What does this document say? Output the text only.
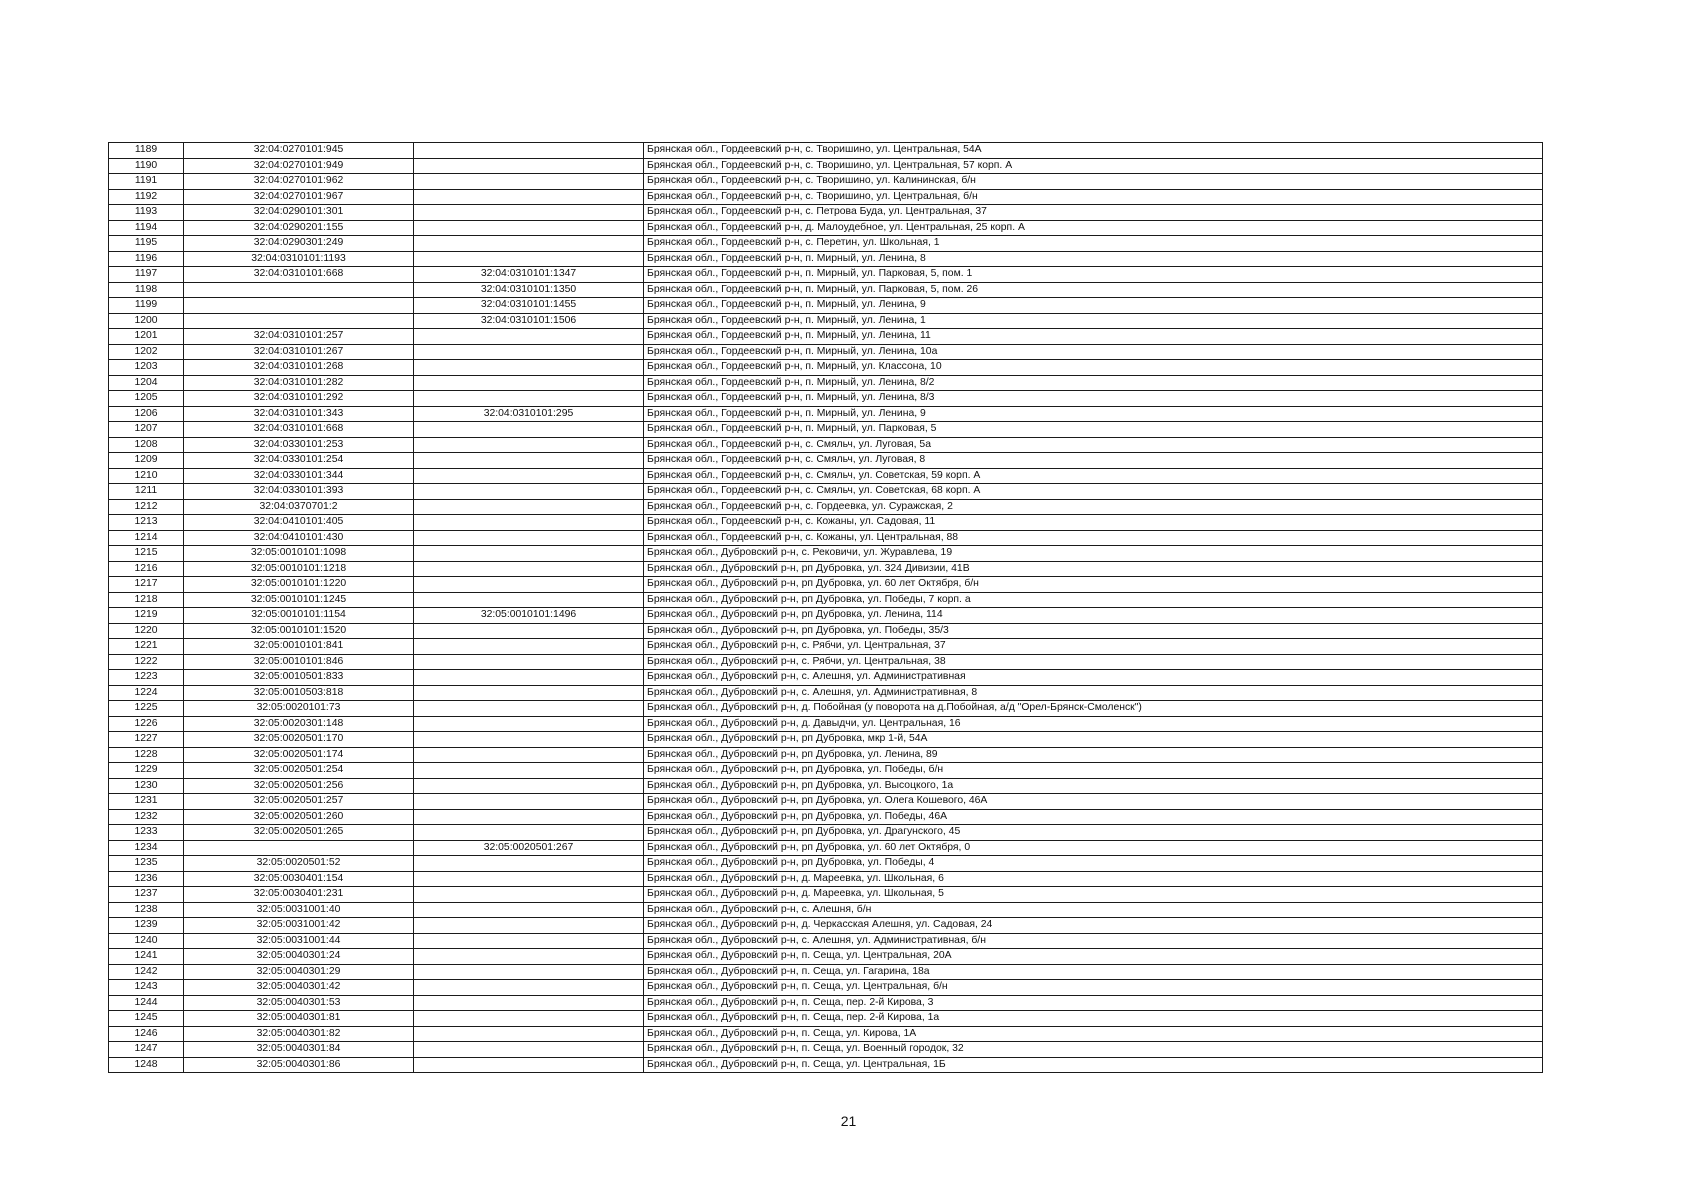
1189	32:04:0270101:945		Брянская обл., Гордеевский р-н, с. Творишино, ул. Центральная, 54А
1190	32:04:0270101:949		Брянская обл., Гордеевский р-н, с. Творишино, ул. Центральная, 57 корп. А
1191	32:04:0270101:962		Брянская обл., Гордеевский р-н, с. Творишино, ул. Калининская, б/н
1192	32:04:0270101:967		Брянская обл., Гордеевский р-н, с. Творишино, ул. Центральная, б/н
1193	32:04:0290101:301		Брянская обл., Гордеевский р-н, с. Петрова Буда, ул. Центральная, 37
1194	32:04:0290201:155		Брянская обл., Гордеевский р-н, д. Малоудебное, ул. Центральная, 25 корп. А
1195	32:04:0290301:249		Брянская обл., Гордеевский р-н, с. Перетин, ул. Школьная, 1
1196	32:04:0310101:1193		Брянская обл., Гордеевский р-н, п. Мирный, ул. Ленина, 8
1197	32:04:0310101:668	32:04:0310101:1347	Брянская обл., Гордеевский р-н, п. Мирный, ул. Парковая, 5, пом. 1
1198		32:04:0310101:1350	Брянская обл., Гордеевский р-н, п. Мирный, ул. Парковая, 5, пом. 26
1199		32:04:0310101:1455	Брянская обл., Гордеевский р-н, п. Мирный, ул. Ленина, 9
1200		32:04:0310101:1506	Брянская обл., Гордеевский р-н, п. Мирный, ул. Ленина, 1
1201	32:04:0310101:257		Брянская обл., Гордеевский р-н, п. Мирный, ул. Ленина, 11
1202	32:04:0310101:267		Брянская обл., Гордеевский р-н, п. Мирный, ул. Ленина, 10а
1203	32:04:0310101:268		Брянская обл., Гордеевский р-н, п. Мирный, ул. Классона, 10
1204	32:04:0310101:282		Брянская обл., Гордеевский р-н, п. Мирный, ул. Ленина, 8/2
1205	32:04:0310101:292		Брянская обл., Гордеевский р-н, п. Мирный, ул. Ленина, 8/3
1206	32:04:0310101:343	32:04:0310101:295	Брянская обл., Гордеевский р-н, п. Мирный, ул. Ленина, 9
1207	32:04:0310101:668		Брянская обл., Гордеевский р-н, п. Мирный, ул. Парковая, 5
1208	32:04:0330101:253		Брянская обл., Гордеевский р-н, с. Смяльч, ул. Луговая, 5а
1209	32:04:0330101:254		Брянская обл., Гордеевский р-н, с. Смяльч, ул. Луговая, 8
1210	32:04:0330101:344		Брянская обл., Гордеевский р-н, с. Смяльч, ул. Советская, 59 корп. А
1211	32:04:0330101:393		Брянская обл., Гордеевский р-н, с. Смяльч, ул. Советская, 68 корп. А
1212	32:04:0370701:2		Брянская обл., Гордеевский р-н, с. Гордеевка, ул. Суражская, 2
1213	32:04:0410101:405		Брянская обл., Гордеевский р-н, с. Кожаны, ул. Садовая, 11
1214	32:04:0410101:430		Брянская обл., Гордеевский р-н, с. Кожаны, ул. Центральная, 88
1215	32:05:0010101:1098		Брянская обл., Дубровский р-н, с. Рековичи, ул. Журавлева, 19
1216	32:05:0010101:1218		Брянская обл., Дубровский р-н, рп Дубровка, ул. 324 Дивизии, 41В
1217	32:05:0010101:1220		Брянская обл., Дубровский р-н, рп Дубровка, ул. 60 лет Октября, б/н
1218	32:05:0010101:1245		Брянская обл., Дубровский р-н, рп Дубровка, ул. Победы, 7 корп. а
1219	32:05:0010101:1154	32:05:0010101:1496	Брянская обл., Дубровский р-н, рп Дубровка, ул. Ленина, 114
1220	32:05:0010101:1520		Брянская обл., Дубровский р-н, рп Дубровка, ул. Победы, 35/3
1221	32:05:0010101:841		Брянская обл., Дубровский р-н, с. Рябчи, ул. Центральная, 37
1222	32:05:0010101:846		Брянская обл., Дубровский р-н, с. Рябчи, ул. Центральная, 38
1223	32:05:0010501:833		Брянская обл., Дубровский р-н, с. Алешня, ул. Административная
1224	32:05:0010503:818		Брянская обл., Дубровский р-н, с. Алешня, ул. Административная, 8
1225	32:05:0020101:73		Брянская обл., Дубровский р-н, д. Побойная (у поворота на д.Побойная, а/д "Орел-Брянск-Смоленск")
1226	32:05:0020301:148		Брянская обл., Дубровский р-н, д. Давыдчи, ул. Центральная, 16
1227	32:05:0020501:170		Брянская обл., Дубровский р-н, рп Дубровка, мкр 1-й, 54А
1228	32:05:0020501:174		Брянская обл., Дубровский р-н, рп Дубровка, ул. Ленина, 89
1229	32:05:0020501:254		Брянская обл., Дубровский р-н, рп Дубровка, ул. Победы, б/н
1230	32:05:0020501:256		Брянская обл., Дубровский р-н, рп Дубровка, ул. Высоцкого, 1а
1231	32:05:0020501:257		Брянская обл., Дубровский р-н, рп Дубровка, ул. Олега Кошевого, 46А
1232	32:05:0020501:260		Брянская обл., Дубровский р-н, рп Дубровка, ул. Победы, 46А
1233	32:05:0020501:265		Брянская обл., Дубровский р-н, рп Дубровка, ул. Драгунского, 45
1234		32:05:0020501:267	Брянская обл., Дубровский р-н, рп Дубровка, ул. 60 лет Октября, 0
1235	32:05:0020501:52		Брянская обл., Дубровский р-н, рп Дубровка, ул. Победы, 4
1236	32:05:0030401:154		Брянская обл., Дубровский р-н, д. Мареевка, ул. Школьная, 6
1237	32:05:0030401:231		Брянская обл., Дубровский р-н, д. Мареевка, ул. Школьная, 5
1238	32:05:0031001:40		Брянская обл., Дубровский р-н, с. Алешня, б/н
1239	32:05:0031001:42		Брянская обл., Дубровский р-н, д. Черкасская Алешня, ул. Садовая, 24
1240	32:05:0031001:44		Брянская обл., Дубровский р-н, с. Алешня, ул. Административная, б/н
1241	32:05:0040301:24		Брянская обл., Дубровский р-н, п. Сеща, ул. Центральная, 20А
1242	32:05:0040301:29		Брянская обл., Дубровский р-н, п. Сеща, ул. Гагарина, 18а
1243	32:05:0040301:42		Брянская обл., Дубровский р-н, п. Сеща, ул. Центральная, б/н
1244	32:05:0040301:53		Брянская обл., Дубровский р-н, п. Сеща, пер. 2-й Кирова, 3
1245	32:05:0040301:81		Брянская обл., Дубровский р-н, п. Сеща, пер. 2-й Кирова, 1а
1246	32:05:0040301:82		Брянская обл., Дубровский р-н, п. Сеща, ул. Кирова, 1А
1247	32:05:0040301:84		Брянская обл., Дубровский р-н, п. Сеща, ул. Военный городок, 32
1248	32:05:0040301:86		Брянская обл., Дубровский р-н, п. Сеща, ул. Центральная, 1Б
21
